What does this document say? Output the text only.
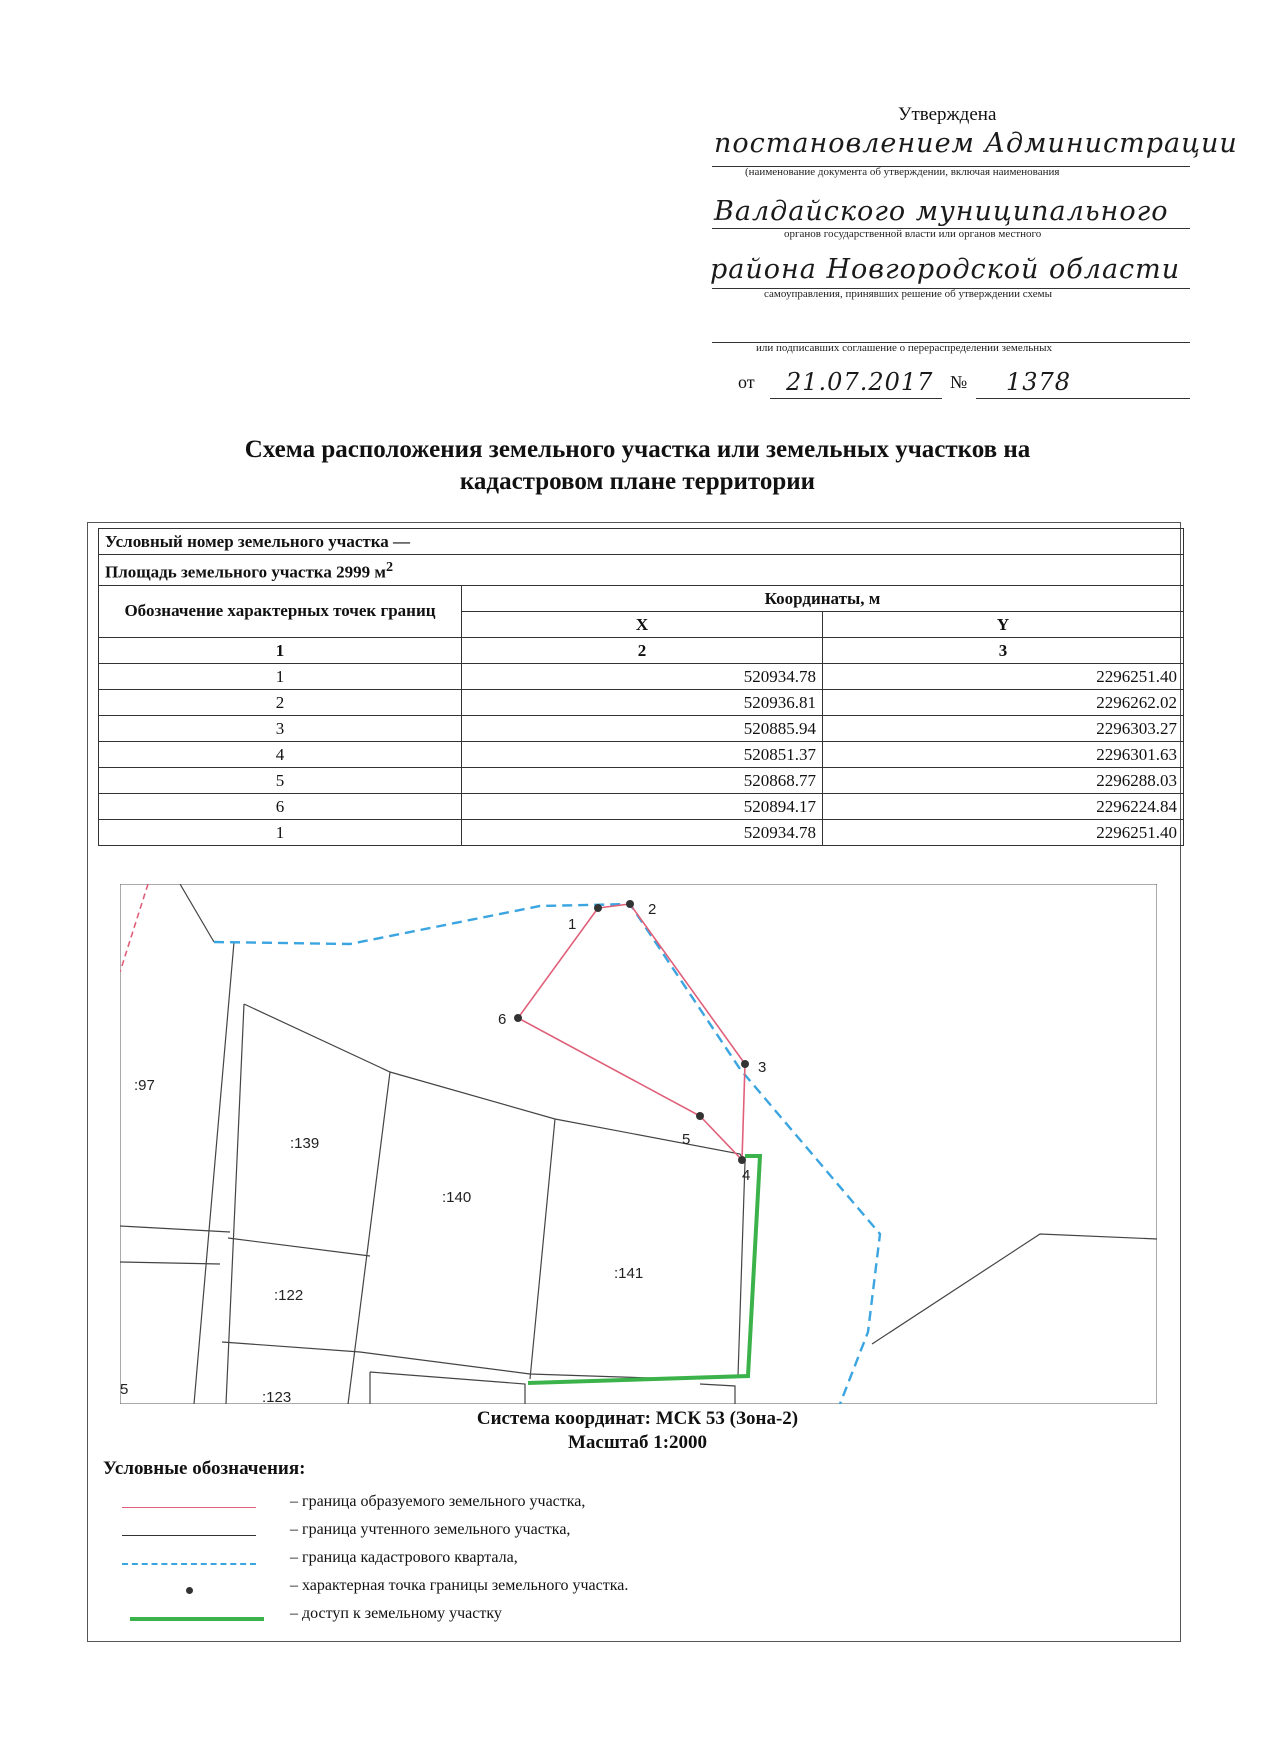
Утверждена
постановлением Администрации
(наименование документа об утверждении, включая наименования
Валдайского муниципального
органов государственной власти или органов местного
района Новгородской области
самоуправления, принявших решение об утверждении схемы
или подписавших соглашение о перераспределении земельных
от 21.07.2017 № 1378
Схема расположения земельного участка или земельных участков на
кадастровом плане территории
Условный номер земельного участка —		
Площадь земельного участка 2999 $м^2$
Обозначение характерных точек границ	Координаты, м	
	X	Y
1	2	3
1	520934.78	2296251.40
2	520936.81	2296262.02
3	520885.94	2296303.27
4	520851.37	2296301.63
5	520868.77	2296288.03
6	520894.17	2296224.84
1	520934.78	2296251.40
1
2
3
4
5
6
:97
:139
:140
:141
:122
:123
5
Система координат: МСК 53 (Зона-2)
Масштаб 1:2000
Условные обозначения:
– граница образуемого земельного участка,
– граница учтенного земельного участка,
– граница кадастрового квартала,
– характерная точка границы земельного участка.
– доступ к земельному участку
